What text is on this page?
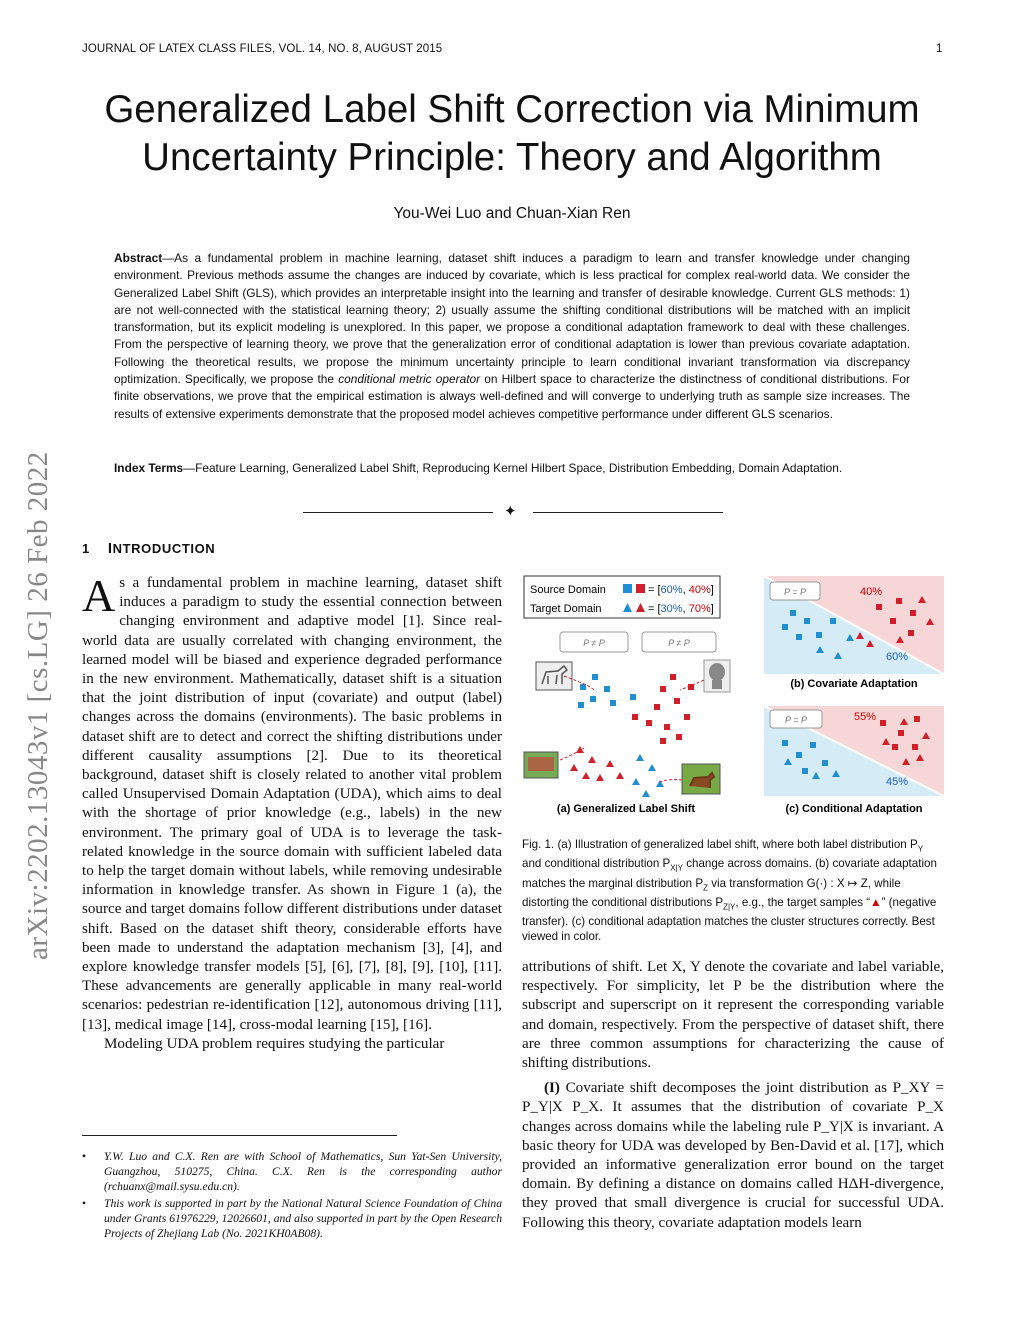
JOURNAL OF LATEX CLASS FILES, VOL. 14, NO. 8, AUGUST 2015	1
Generalized Label Shift Correction via Minimum
Uncertainty Principle: Theory and Algorithm
You-Wei Luo and Chuan-Xian Ren
Abstract—As a fundamental problem in machine learning, dataset shift induces a paradigm to learn and transfer knowledge under changing environment. Previous methods assume the changes are induced by covariate, which is less practical for complex real-world data. We consider the Generalized Label Shift (GLS), which provides an interpretable insight into the learning and transfer of desirable knowledge. Current GLS methods: 1) are not well-connected with the statistical learning theory; 2) usually assume the shifting conditional distributions will be matched with an implicit transformation, but its explicit modeling is unexplored. In this paper, we propose a conditional adaptation framework to deal with these challenges. From the perspective of learning theory, we prove that the generalization error of conditional adaptation is lower than previous covariate adaptation. Following the theoretical results, we propose the minimum uncertainty principle to learn conditional invariant transformation via discrepancy optimization. Specifically, we propose the conditional metric operator on Hilbert space to characterize the distinctness of conditional distributions. For finite observations, we prove that the empirical estimation is always well-defined and will converge to underlying truth as sample size increases. The results of extensive experiments demonstrate that the proposed model achieves competitive performance under different GLS scenarios.
Index Terms—Feature Learning, Generalized Label Shift, Reproducing Kernel Hilbert Space, Distribution Embedding, Domain Adaptation.
✦
arXiv:2202.13043v1 [cs.LG] 26 Feb 2022 1 INTRODUCTION
A s a fundamental problem in machine learning, dataset shift induces a paradigm to study the essential connection between changing environment and adaptive model [1]. Since real-world data are usually correlated with changing environment, the learned model will be biased and experience degraded performance in the new environment. Mathematically, dataset shift is a situation that the joint distribution of input (covariate) and output (label) changes across the domains (environments). The basic problems in dataset shift are to detect and correct the shifting distributions under different causality assumptions [2]. Due to its theoretical background, dataset shift is closely related to another vital problem called Unsupervised Domain Adaptation (UDA), which aims to deal with the shortage of prior knowledge (e.g., labels) in the new environment. The primary goal of UDA is to leverage the task-related knowledge in the source domain with sufficient labeled data to help the target domain without labels, while removing undesirable information in knowledge transfer. As shown in Figure 1 (a), the source and target domains follow different distributions under dataset shift. Based on the dataset shift theory, considerable efforts have been made to understand the adaptation mechanism [3], [4], and explore knowledge transfer models [5], [6], [7], [8], [9], [10], [11]. These advancements are generally applicable in many real-world scenarios: pedestrian re-identification [12], autonomous driving [11], [13], medical image [14], cross-modal learning [15], [16].
Modeling UDA problem requires studying the particular
• Y.W. Luo and C.X. Ren are with School of Mathematics, Sun Yat-Sen University, Guangzhou, 510275, China. C.X. Ren is the corresponding author (rchuanx@mail.sysu.edu.cn).
• This work is supported in part by the National Natural Science Foundation of China under Grants 61976229, 12026601, and also supported in part by the Open Research Projects of Zhejiang Lab (No. 2021KH0AB08).
Source Domain
Target Domain
= [60%, 40%]
= [30%, 70%]
P ≠ P	P ≠ P
(a) Generalized Label Shift
P = P	40%
60%
(b) Covariate Adaptation
P = P	55%
45%
(c) Conditional Adaptation
Fig. 1. (a) Illustration of generalized label shift, where both label distribution $P_Y$ and conditional distribution $P_{X|Y}$ change across domains. (b) covariate adaptation matches the marginal distribution $P_Z$ via transformation G(·) : X ↦ Z, while distorting the conditional distributions $P_{Z|Y}$, e.g., the target samples “▲” (negative transfer). (c) conditional adaptation matches the cluster structures correctly. Best viewed in color.
attributions of shift. Let X, Y denote the covariate and label variable, respectively. For simplicity, let P be the distribution where the subscript and superscript on it represent the corresponding variable and domain, respectively. From the perspective of dataset shift, there are three common assumptions for characterizing the cause of shifting distributions.
(I) Covariate shift decomposes the joint distribution as P_XY = P_Y|X P_X. It assumes that the distribution of covariate P_X changes across domains while the labeling rule P_Y|X is invariant. A basic theory for UDA was developed by Ben-David et al. [17], which provided an informative generalization error bound on the target domain. By defining a distance on domains called HΔH-divergence, they proved that small divergence is crucial for successful UDA. Following this theory, covariate adaptation models learn
